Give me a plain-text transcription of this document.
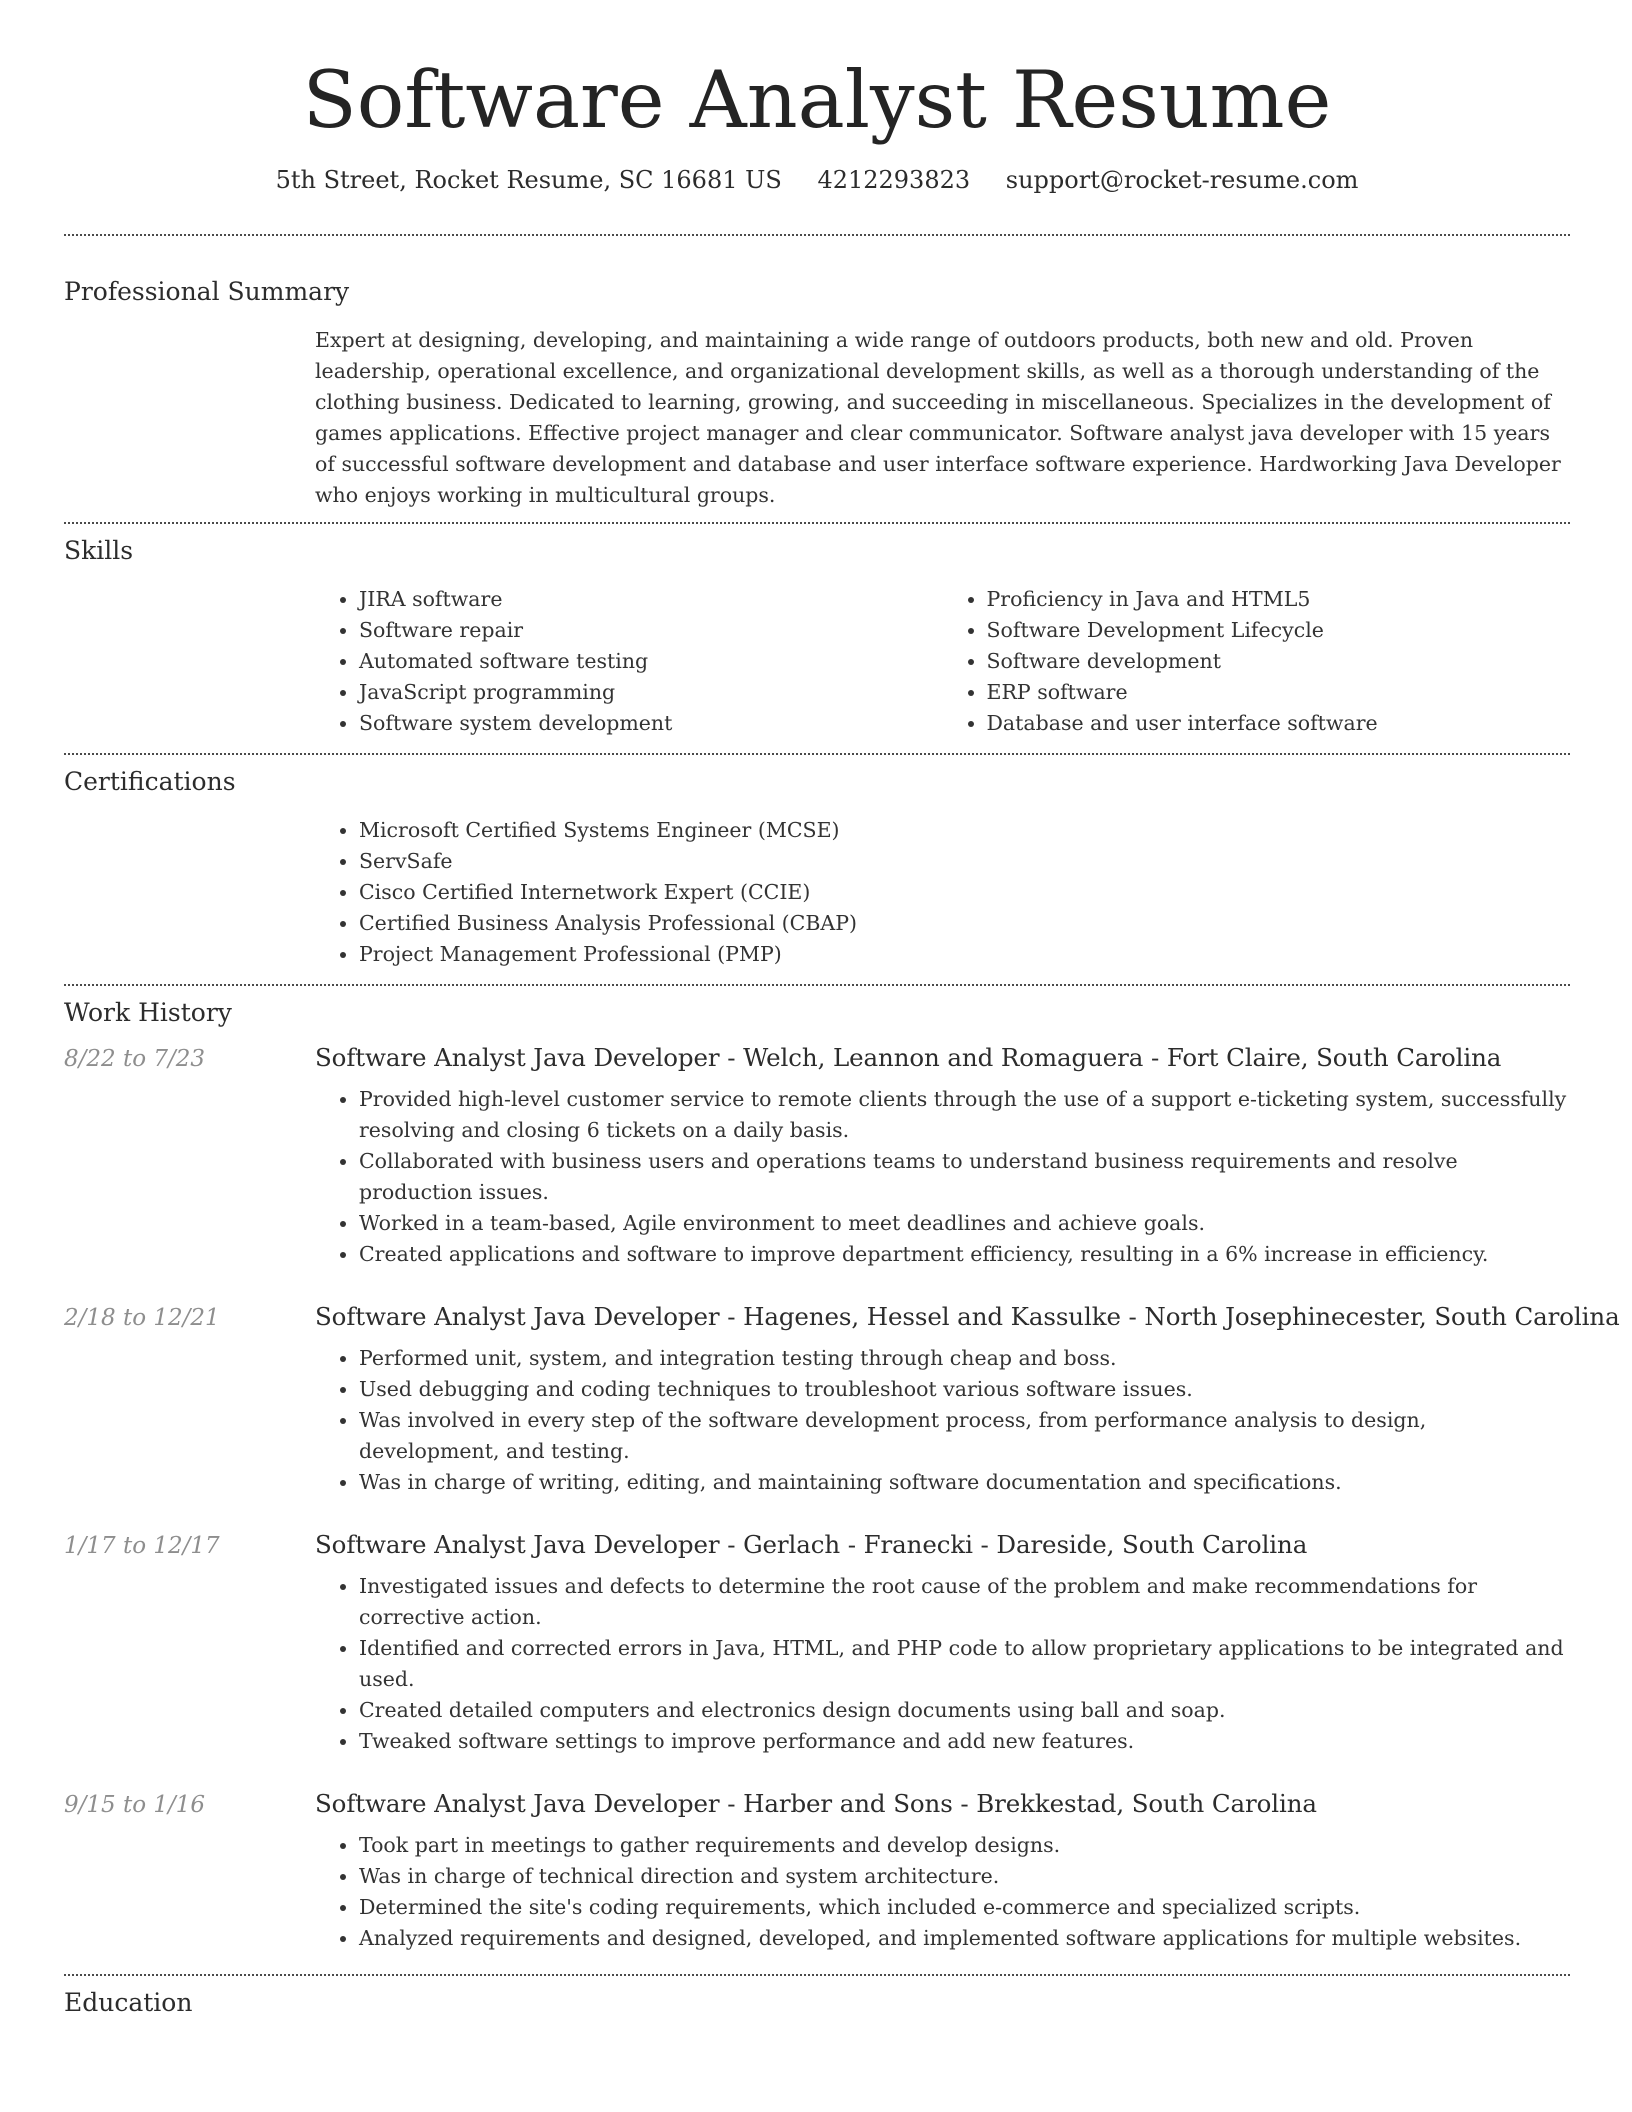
Software Analyst Resume
5th Street, Rocket Resume, SC 16681 US 4212293823 support@rocket-resume.com
Professional Summary
Expert at designing, developing, and maintaining a wide range of outdoors products, both new and old. Proven leadership, operational excellence, and organizational development skills, as well as a thorough understanding of the clothing business. Dedicated to learning, growing, and succeeding in miscellaneous. Specializes in the development of games applications. Effective project manager and clear communicator. Software analyst java developer with 15 years of successful software development and database and user interface software experience. Hardworking Java Developer who enjoys working in multicultural groups.
Skills
• JIRA software
• Software repair
• Automated software testing
• JavaScript programming
• Software system development
• Proficiency in Java and HTML5
• Software Development Lifecycle
• Software development
• ERP software
• Database and user interface software
Certifications
• Microsoft Certified Systems Engineer (MCSE)
• ServSafe
• Cisco Certified Internetwork Expert (CCIE)
• Certified Business Analysis Professional (CBAP)
• Project Management Professional (PMP)
Work History
8/22 to 7/23	Software Analyst Java Developer - Welch, Leannon and Romaguera - Fort Claire, South Carolina
• Provided high-level customer service to remote clients through the use of a support e-ticketing system, successfully resolving and closing 6 tickets on a daily basis.
• Collaborated with business users and operations teams to understand business requirements and resolve production issues.
• Worked in a team-based, Agile environment to meet deadlines and achieve goals.
• Created applications and software to improve department efficiency, resulting in a 6% increase in efficiency.
2/18 to 12/21	Software Analyst Java Developer - Hagenes, Hessel and Kassulke - North Josephinecester, South Carolina
• Performed unit, system, and integration testing through cheap and boss.
• Used debugging and coding techniques to troubleshoot various software issues.
• Was involved in every step of the software development process, from performance analysis to design, development, and testing.
• Was in charge of writing, editing, and maintaining software documentation and specifications.
1/17 to 12/17	Software Analyst Java Developer - Gerlach - Franecki - Dareside, South Carolina
• Investigated issues and defects to determine the root cause of the problem and make recommendations for corrective action.
• Identified and corrected errors in Java, HTML, and PHP code to allow proprietary applications to be integrated and used.
• Created detailed computers and electronics design documents using ball and soap.
• Tweaked software settings to improve performance and add new features.
9/15 to 1/16	Software Analyst Java Developer - Harber and Sons - Brekkestad, South Carolina
• Took part in meetings to gather requirements and develop designs.
• Was in charge of technical direction and system architecture.
• Determined the site's coding requirements, which included e-commerce and specialized scripts.
• Analyzed requirements and designed, developed, and implemented software applications for multiple websites.
Education
